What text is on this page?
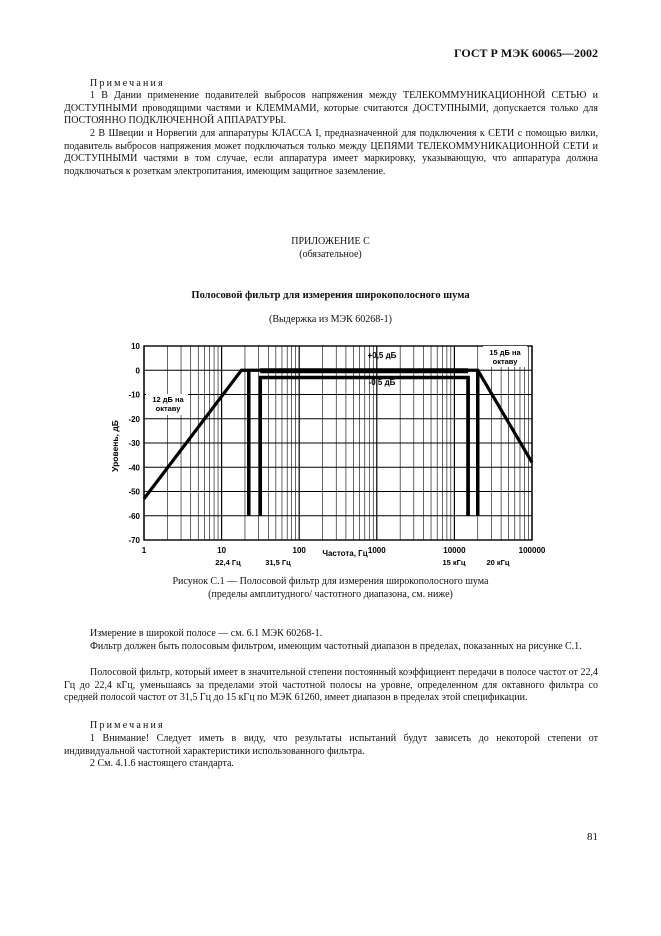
ГОСТ Р МЭК 60065—2002
Примечания
1 В Дании применение подавителей выбросов напряжения между ТЕЛЕКОММУНИКАЦИОННОЙ СЕТЬЮ и ДОСТУПНЫМИ проводящими частями и КЛЕММАМИ, которые считаются ДОСТУПНЫМИ, допускается только для ПОСТОЯННО ПОДКЛЮЧЕННОЙ АППАРАТУРЫ.
2 В Швеции и Норвегии для аппаратуры КЛАССА I, предназначенной для подключения к СЕТИ с помощью вилки, подавитель выбросов напряжения может подключаться только между ЦЕПЯМИ ТЕЛЕКОММУНИКАЦИОННОЙ СЕТИ и ДОСТУПНЫМИ частями в том случае, если аппаратура имеет маркировку, указывающую, что аппаратура должна подключаться к розеткам электропитания, имеющим защитное заземление.
ПРИЛОЖЕНИЕ С
(обязательное)
Полосовой фильтр для измерения широкополосного шума
(Выдержка из МЭК 60268-1)
1	10	100	1000	10000	100000
10
0
-10
-20
-30
-40
-50
-60
-70
Уровень, дБ
Частота, Гц
+0,5 дБ
-0,5 дБ
12 дБ на
октаву
15 дБ на
октаву
22,4 Гц	31,5 Гц	15 кГц	20 кГц
Рисунок С.1 — Полосовой фильтр для измерения широкополосного шума
(пределы амплитудного/ частотного диапазона, см. ниже)
Измерение в широкой полосе — см. 6.1 МЭК 60268-1.
Фильтр должен быть полосовым фильтром, имеющим частотный диапазон в пределах, показанных на рисунке С.1.
Полосовой фильтр, который имеет в значительной степени постоянный коэффициент передачи в полосе частот от 22,4 Гц до 22,4 кГц, уменьшаясь за пределами этой частотной полосы на уровне, определенном для октавного фильтра со средней полосой частот от 31,5 Гц до 15 кГц по МЭК 61260, имеет диапазон в пределах этой спецификации.
Примечания
1 Внимание! Следует иметь в виду, что результаты испытаний будут зависеть до некоторой степени от индивидуальной частотной характеристики использованного фильтра.
2 См. 4.1.6 настоящего стандарта.
81
